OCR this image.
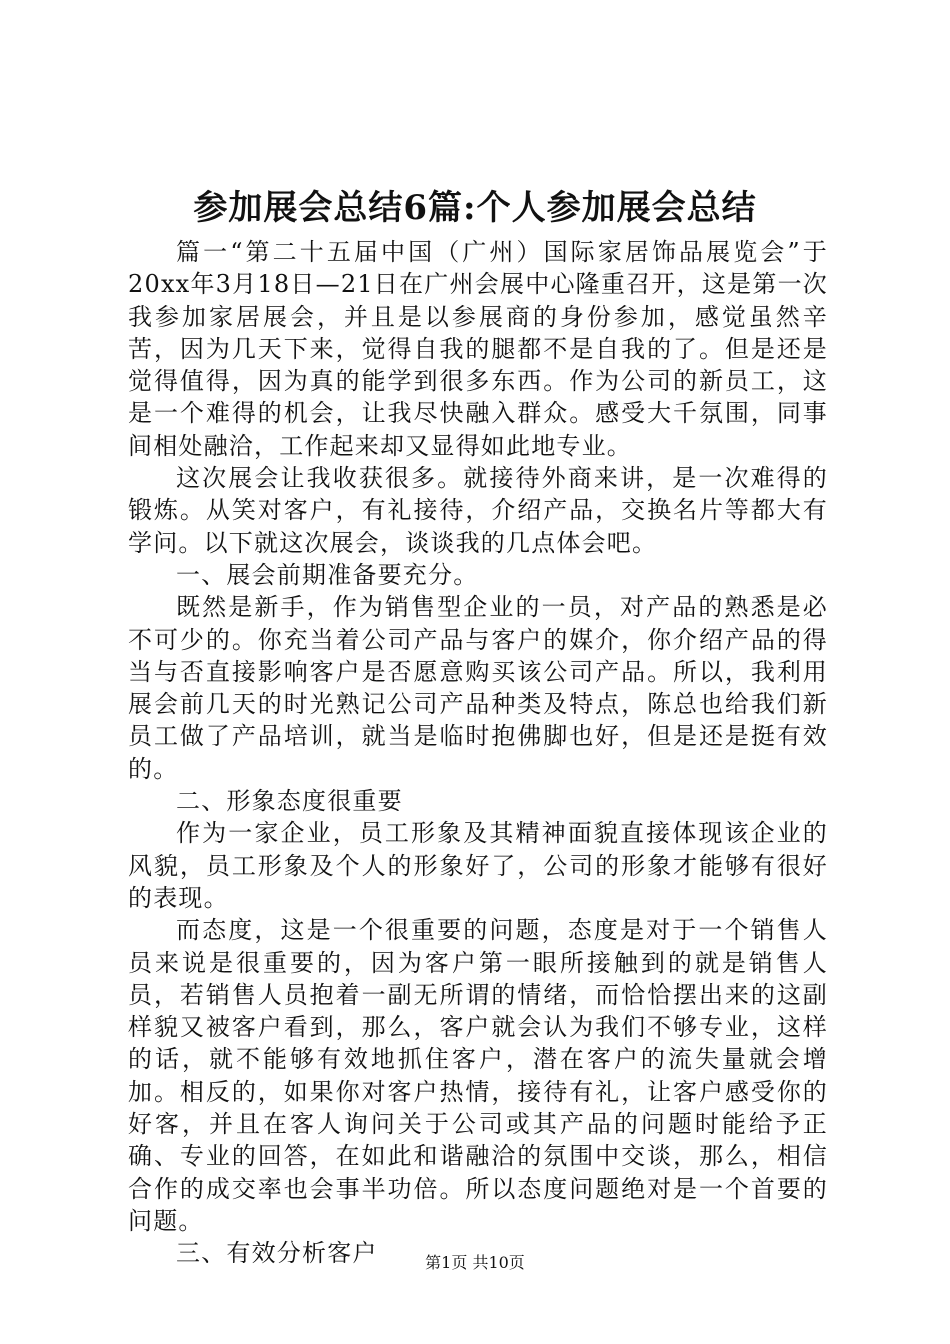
参加展会总结6篇:个人参加展会总结

篇一“第二十五届中国（广州）国际家居饰品展览会”于20xx年3月18日—21日在广州会展中心隆重召开，这是第一次我参加家居展会，并且是以参展商的身份参加，感觉虽然辛苦，因为几天下来，觉得自我的腿都不是自我的了。但是还是觉得值得，因为真的能学到很多东西。作为公司的新员工，这是一个难得的机会，让我尽快融入群众。感受大千氛围，同事间相处融洽，工作起来却又显得如此地专业。

这次展会让我收获很多。就接待外商来讲，是一次难得的锻炼。从笑对客户，有礼接待，介绍产品，交换名片等都大有学问。以下就这次展会，谈谈我的几点体会吧。

一、展会前期准备要充分。

既然是新手，作为销售型企业的一员，对产品的熟悉是必不可少的。你充当着公司产品与客户的媒介，你介绍产品的得当与否直接影响客户是否愿意购买该公司产品。所以，我利用展会前几天的时光熟记公司产品种类及特点，陈总也给我们新员工做了产品培训，就当是临时抱佛脚也好，但是还是挺有效的。

二、形象态度很重要

作为一家企业，员工形象及其精神面貌直接体现该企业的风貌，员工形象及个人的形象好了，公司的形象才能够有很好的表现。

而态度，这是一个很重要的问题，态度是对于一个销售人员来说是很重要的，因为客户第一眼所接触到的就是销售人员，若销售人员抱着一副无所谓的情绪，而恰恰摆出来的这副样貌又被客户看到，那么，客户就会认为我们不够专业，这样的话，就不能够有效地抓住客户，潜在客户的流失量就会增加。相反的，如果你对客户热情，接待有礼，让客户感受你的好客，并且在客人询问关于公司或其产品的问题时能给予正确、专业的回答，在如此和谐融洽的氛围中交谈，那么，相信合作的成交率也会事半功倍。所以态度问题绝对是一个首要的问题。

三、有效分析客户	第1页 共10页
